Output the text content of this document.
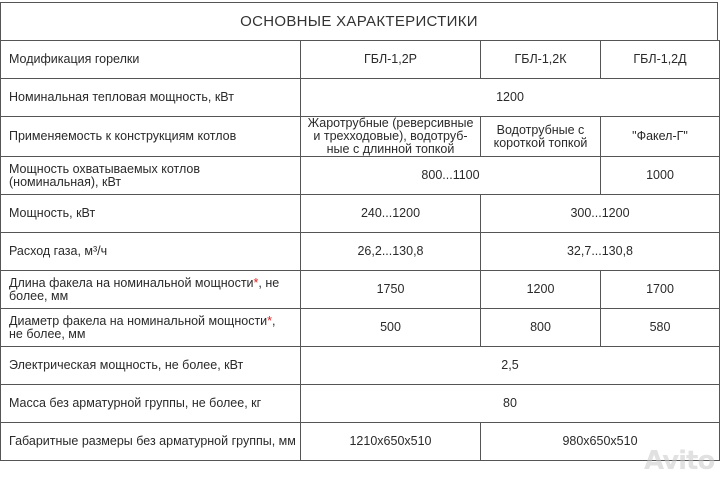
ОСНОВНЫЕ ХАРАКТЕРИСТИКИ
Модификация горелки	ГБЛ-1,2Р	ГБЛ-1,2К	ГБЛ-1,2Д
Номинальная тепловая мощность, кВт	1200		
Применяемость к конструкциям котлов	Жаротрубные (реверсивные и трехходовые), водотруб-ные с длинной топкой	Водотрубные с короткой топкой	"Факел-Г"
Мощность охватываемых котлов (номинальная), кВт	800...1100		1000
Мощность, кВт	240...1200	300...1200	
Расход газа, м³/ч	26,2...130,8	32,7...130,8	
Длина факела на номинальной мощности*, не более, мм	1750	1200	1700
Диаметр факела на номинальной мощности*, не более, мм	500	800	580
Электрическая мощность, не более, кВт	2,5		
Масса без арматурной группы, не более, кг	80		
Габаритные размеры без арматурной группы, мм	1210x650x510	980x650x510	
Avito
